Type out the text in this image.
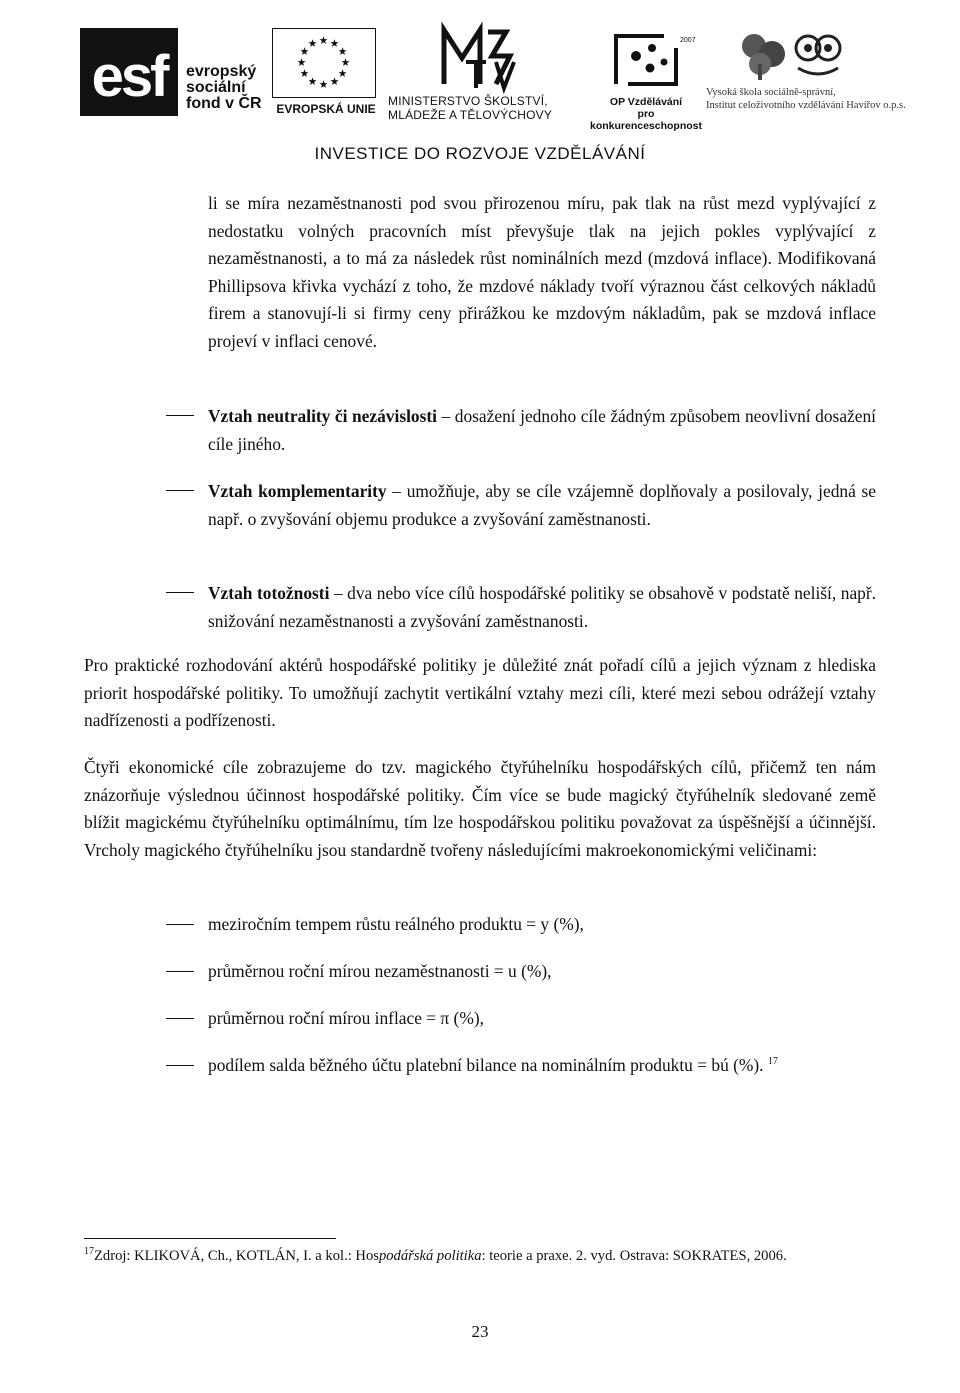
esf	evropský
sociální
fond v ČR	EVROPSKÁ UNIE
MINISTERSTVO ŠKOLSTVÍ,
MLÁDEŽE A TĚLOVÝCHOVY
2007
OP Vzdělávání
pro konkurenceschopnost
Vysoká škola sociálně-správní,
Institut celoživotního vzdělávání Havířov o.p.s.
INVESTICE DO ROZVOJE VZDĚLÁVÁNÍ

li se míra nezaměstnanosti pod svou přirozenou míru, pak tlak na růst mezd vyplývající z nedostatku volných pracovních míst převyšuje tlak na jejich pokles vyplývající z nezaměstnanosti, a to má za následek růst nominálních mezd (mzdová inflace). Modifikovaná Phillipsova křivka vychází z toho, že mzdové náklady tvoří výraznou část celkových nákladů firem a stanovují-li si firmy ceny přirážkou ke mzdovým nákladům, pak se mzdová inflace projeví v inflaci cenové.

Vztah neutrality či nezávislosti – dosažení jednoho cíle žádným způsobem neovlivní dosažení cíle jiného.

Vztah komplementarity – umožňuje, aby se cíle vzájemně doplňovaly a posilovaly, jedná se např. o zvyšování objemu produkce a zvyšování zaměstnanosti.

Vztah totožnosti – dva nebo více cílů hospodářské politiky se obsahově v podstatě neliší, např. snižování nezaměstnanosti a zvyšování zaměstnanosti.

Pro praktické rozhodování aktérů hospodářské politiky je důležité znát pořadí cílů a jejich význam z hlediska priorit hospodářské politiky. To umožňují zachytit vertikální vztahy mezi cíli, které mezi sebou odrážejí vztahy nadřízenosti a podřízenosti.

Čtyři ekonomické cíle zobrazujeme do tzv. magického čtyřúhelníku hospodářských cílů, přičemž ten nám znázorňuje výslednou účinnost hospodářské politiky. Čím více se bude magický čtyřúhelník sledované země blížit magickému čtyřúhelníku optimálnímu, tím lze hospodářskou politiku považovat za úspěšnější a účinnější. Vrcholy magického čtyřúhelníku jsou standardně tvořeny následujícími makroekonomickými veličinami:

meziročním tempem růstu reálného produktu = y (%),

průměrnou roční mírou nezaměstnanosti = u (%),

průměrnou roční mírou inflace = π (%),

podílem salda běžného účtu platební bilance na nominálním produktu = bú (%). $^{17}$

$^{17}$Zdroj: KLIKOVÁ, Ch., KOTLÁN, I. a kol.: Hospodářská politika: teorie a praxe. 2. vyd. Ostrava: SOKRATES, 2006.

23
